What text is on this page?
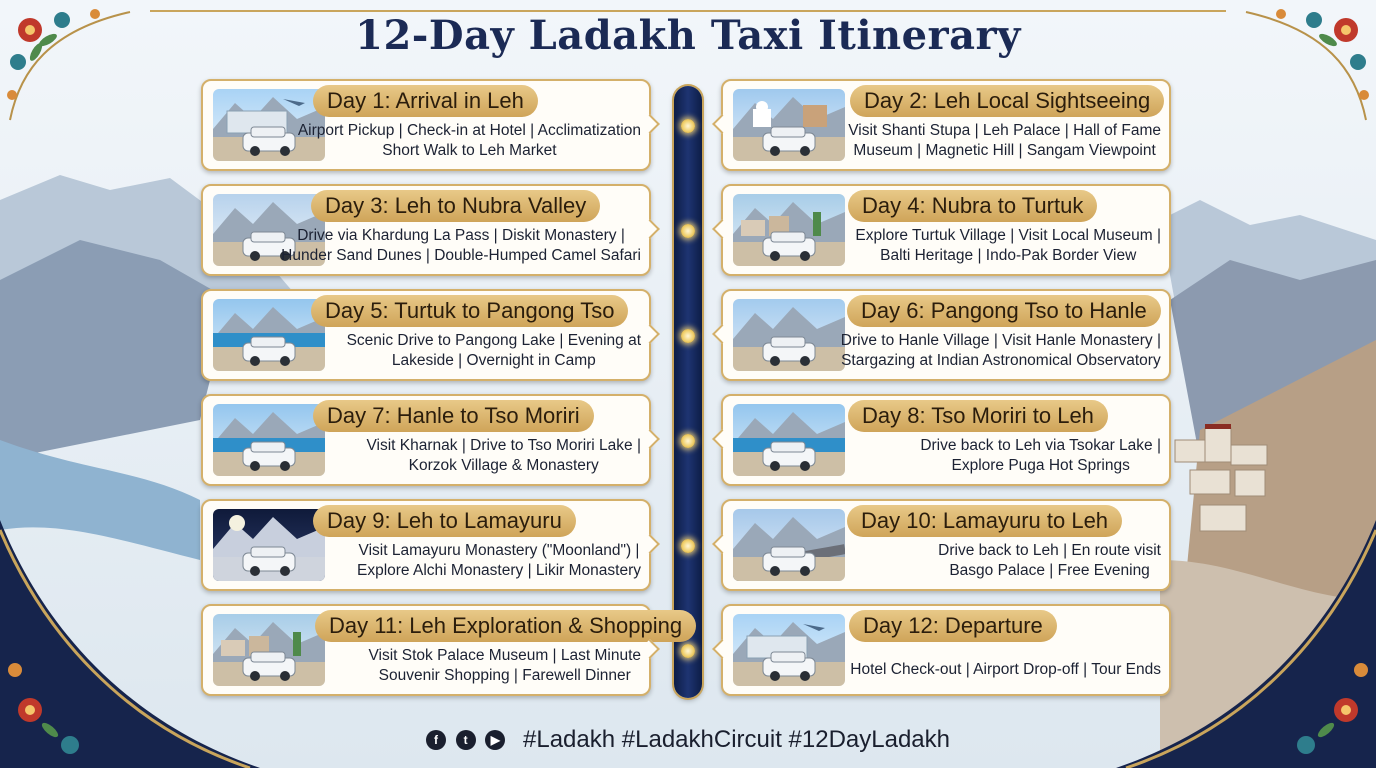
12-Day Ladakh Taxi Itinerary
Day 1: Arrival in Leh
Airport Pickup | Check-in at Hotel | Acclimatization
Short Walk to Leh Market
Day 2: Leh Local Sightseeing
Visit Shanti Stupa | Leh Palace | Hall of Fame
Museum | Magnetic Hill | Sangam Viewpoint
Day 3: Leh to Nubra Valley
Drive via Khardung La Pass | Diskit Monastery |
Hunder Sand Dunes | Double-Humped Camel Safari
Day 4: Nubra to Turtuk
Explore Turtuk Village | Visit Local Museum |
Balti Heritage | Indo-Pak Border View
Day 5: Turtuk to Pangong Tso
Scenic Drive to Pangong Lake | Evening at
Lakeside | Overnight in Camp
Day 6: Pangong Tso to Hanle
Drive to Hanle Village | Visit Hanle Monastery |
Stargazing at Indian Astronomical Observatory
Day 7: Hanle to Tso Moriri
Visit Kharnak | Drive to Tso Moriri Lake |
Korzok Village & Monastery
Day 8: Tso Moriri to Leh
Drive back to Leh via Tsokar Lake |
Explore Puga Hot Springs
Day 9: Leh to Lamayuru
Visit Lamayuru Monastery ("Moonland") |
Explore Alchi Monastery | Likir Monastery
Day 10: Lamayuru to Leh
Drive back to Leh | En route visit
Basgo Palace | Free Evening
Day 11: Leh Exploration & Shopping
Visit Stok Palace Museum | Last Minute
Souvenir Shopping | Farewell Dinner
Day 12: Departure
Hotel Check-out | Airport Drop-off | Tour Ends
f t ▶ #Ladakh #LadakhCircuit #12DayLadakh
